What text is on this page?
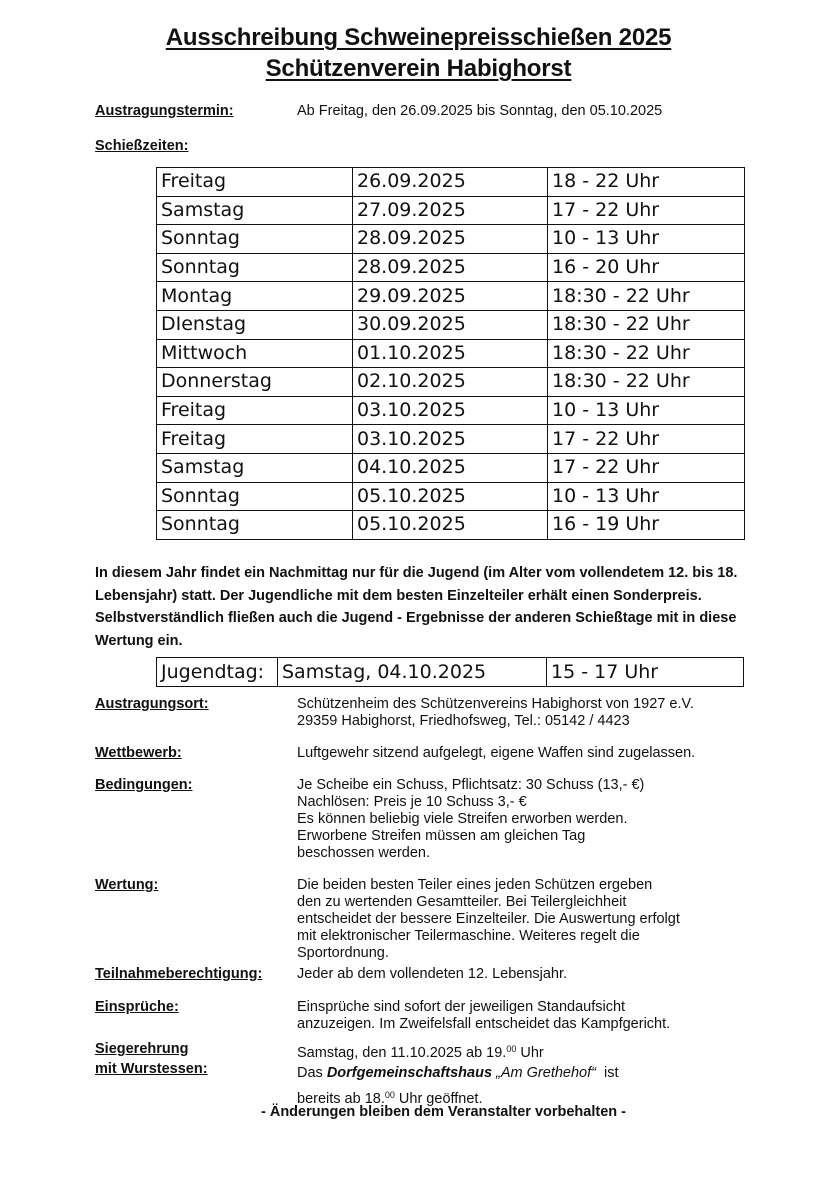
Ausschreibung Schweinepreisschießen 2025
Schützenverein Habighorst
Austragungstermin:	Ab Freitag, den 26.09.2025 bis Sonntag, den 05.10.2025
Schießzeiten:
Freitag	26.09.2025	18 - 22 Uhr
Samstag	27.09.2025	17 - 22 Uhr
Sonntag	28.09.2025	10 - 13 Uhr
Sonntag	28.09.2025	16 - 20 Uhr
Montag	29.09.2025	18:30 - 22 Uhr
DIenstag	30.09.2025	18:30 - 22 Uhr
Mittwoch	01.10.2025	18:30 - 22 Uhr
Donnerstag	02.10.2025	18:30 - 22 Uhr
Freitag	03.10.2025	10 - 13 Uhr
Freitag	03.10.2025	17 - 22 Uhr
Samstag	04.10.2025	17 - 22 Uhr
Sonntag	05.10.2025	10 - 13 Uhr
Sonntag	05.10.2025	16 - 19 Uhr
In diesem Jahr findet ein Nachmittag nur für die Jugend (im Alter vom vollendetem 12. bis 18. Lebensjahr) statt. Der Jugendliche mit dem besten Einzelteiler erhält einen Sonderpreis. Selbstverständlich fließen auch die Jugend - Ergebnisse der anderen Schießtage mit in diese Wertung ein.
Jugendtag:	Samstag, 04.10.2025	15 - 17 Uhr
Austragungsort:	Schützenheim des Schützenvereins Habighorst von 1927 e.V.
29359 Habighorst, Friedhofsweg, Tel.: 05142 / 4423
Wettbewerb:	Luftgewehr sitzend aufgelegt, eigene Waffen sind zugelassen.
Bedingungen:	Je Scheibe ein Schuss, Pflichtsatz: 30 Schuss (13,- €)
Nachlösen: Preis je 10 Schuss 3,- €
Es können beliebig viele Streifen erworben werden.
Erworbene Streifen müssen am gleichen Tag
beschossen werden.
Wertung:	Die beiden besten Teiler eines jeden Schützen ergeben
den zu wertenden Gesamtteiler. Bei Teilergleichheit
entscheidet der bessere Einzelteiler. Die Auswertung erfolgt
mit elektronischer Teilermaschine. Weiteres regelt die
Sportordnung.
Teilnahmeberechtigung: Jeder ab dem vollendeten 12. Lebensjahr.
Einsprüche:	Einsprüche sind sofort der jeweiligen Standaufsicht
anzuzeigen. Im Zweifelsfall entscheidet das Kampfgericht.
Siegerehrung
mit Wurstessen:
Samstag, den 11.10.2025 ab 19.00 Uhr
Das Dorfgemeinschaftshaus „Am Grethehof“  ist
bereits ab 18.00 Uhr geöffnet.
- Änderungen bleiben dem Veranstalter vorbehalten -
